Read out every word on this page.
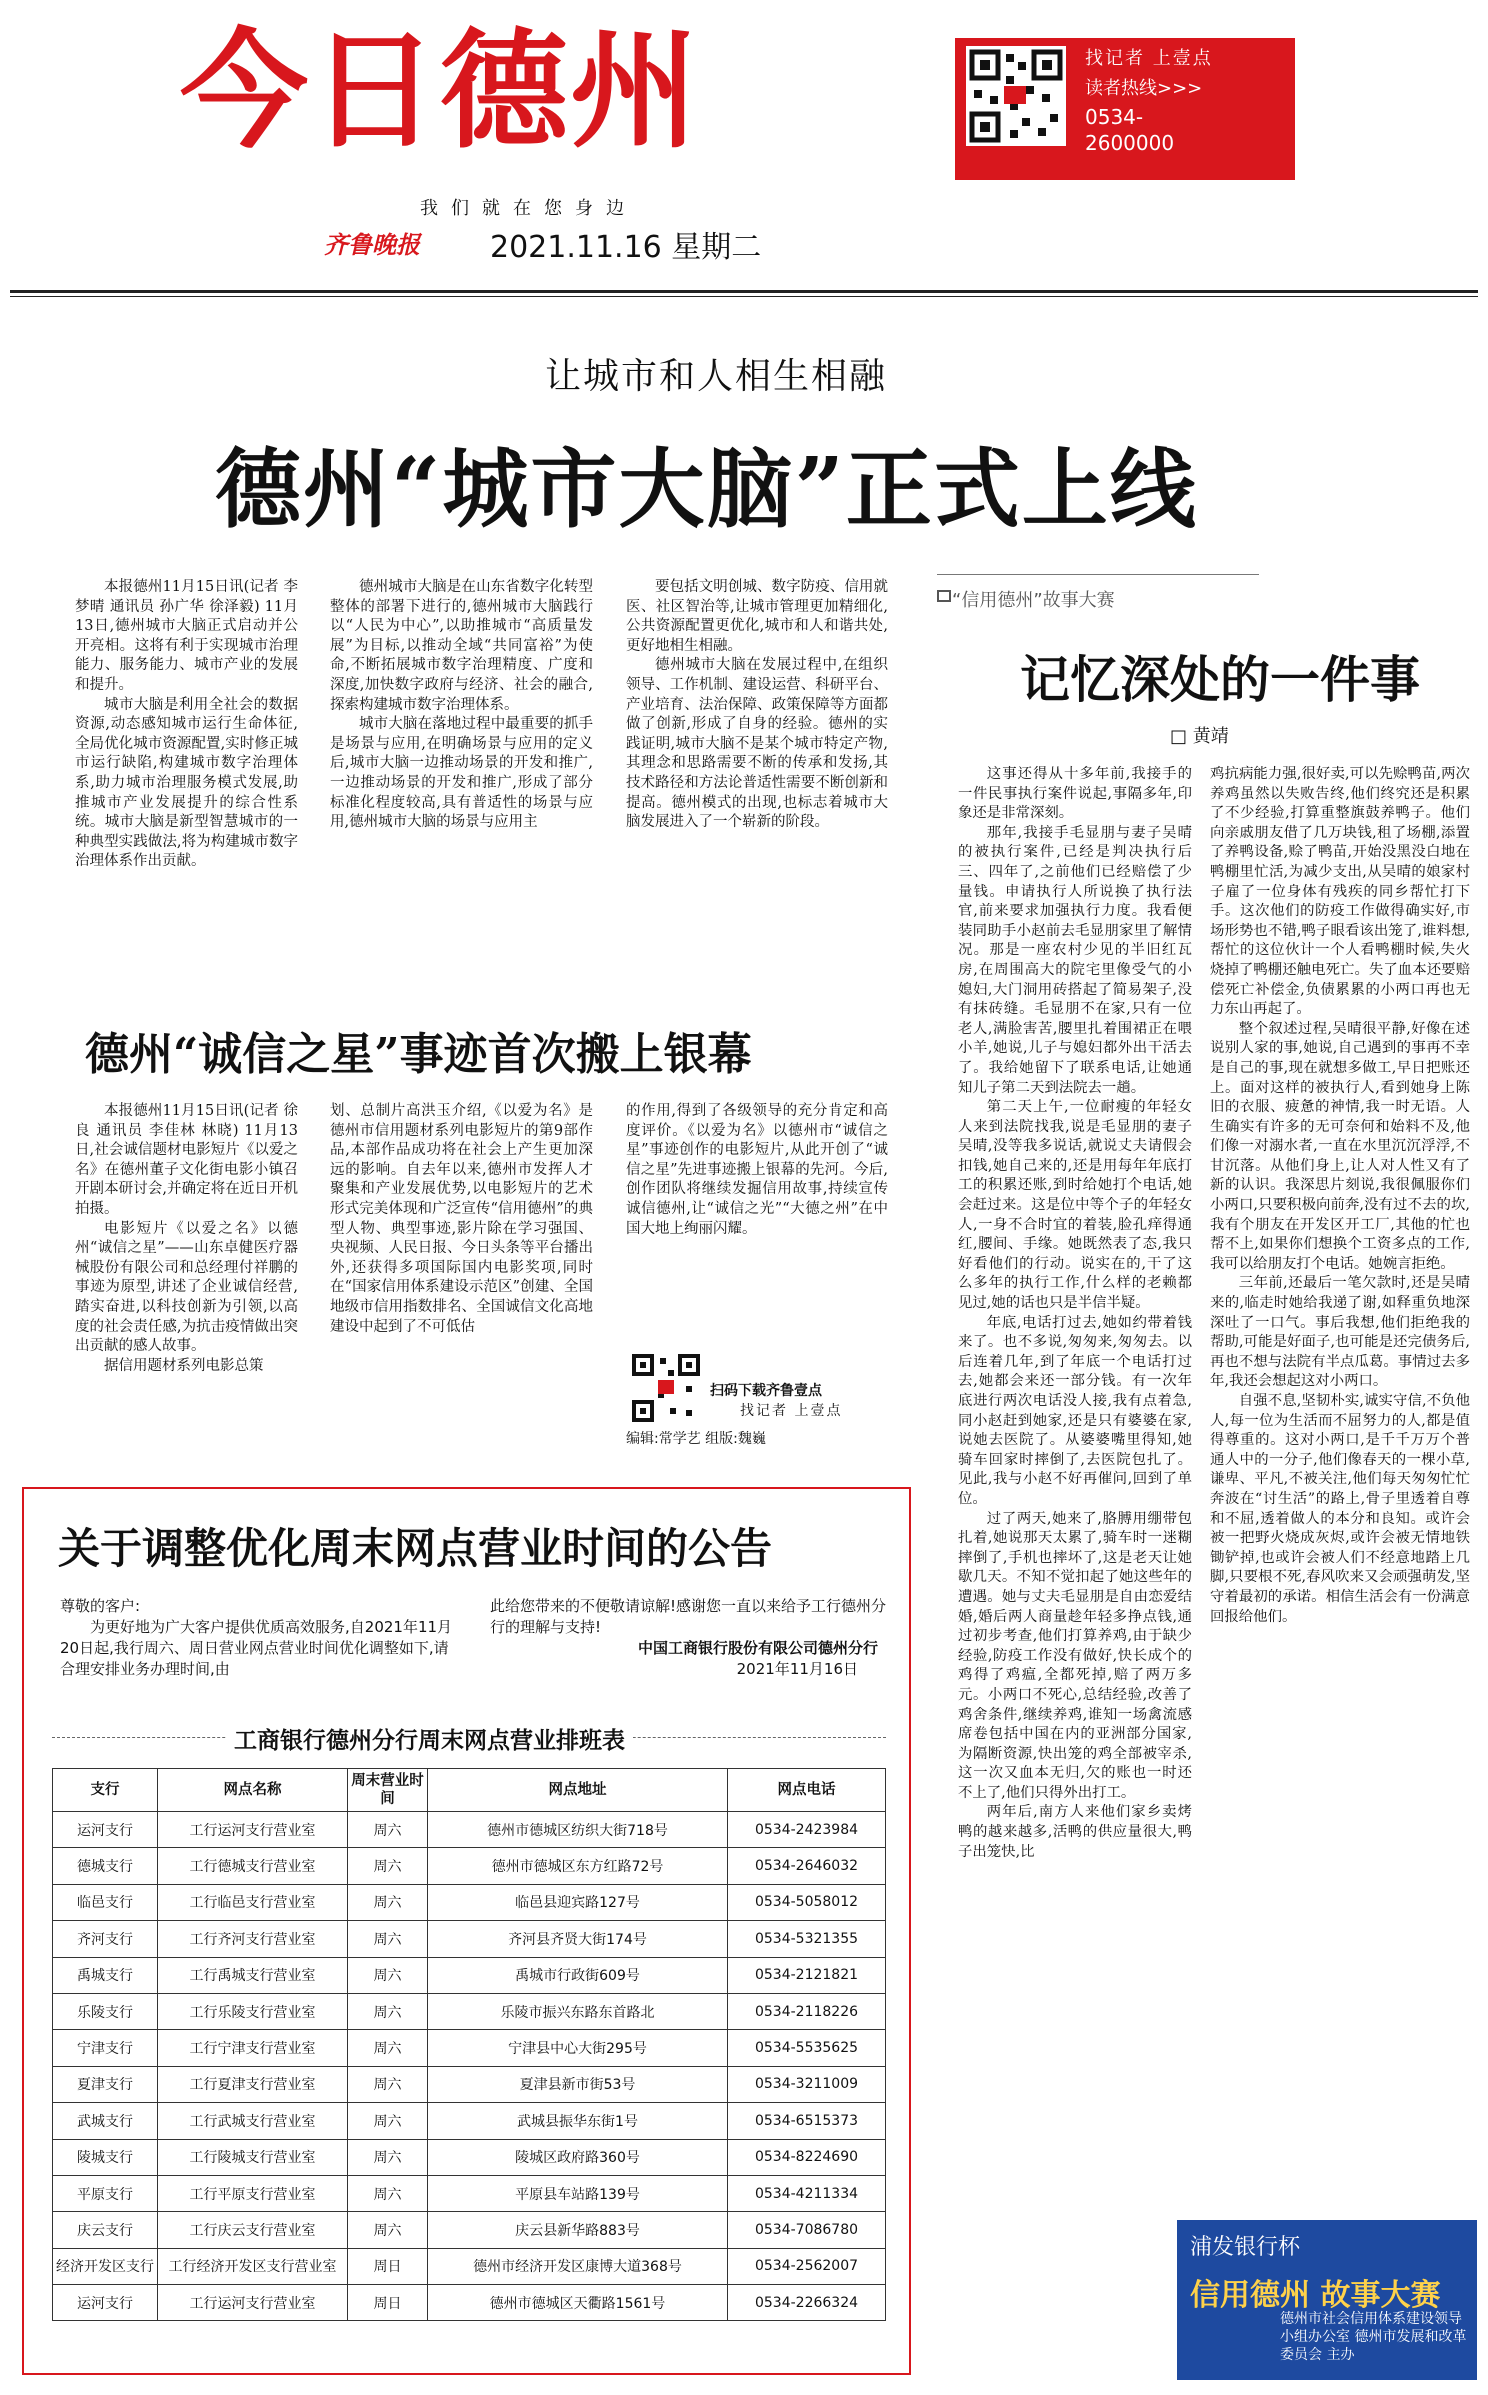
今日德州
我们就在您身边
齐鲁晚报 2021.11.16 星期二
找记者 上壹点
读者热线>>>
0534-
2600000
让城市和人相生相融
德州“城市大脑”正式上线

本报德州11月15日讯(记者 李梦晴 通讯员 孙广华 徐泽毅) 11月13日,德州城市大脑正式启动并公开亮相。这将有利于实现城市治理能力、服务能力、城市产业的发展和提升。

城市大脑是利用全社会的数据资源,动态感知城市运行生命体征,全局优化城市资源配置,实时修正城市运行缺陷,构建城市数字治理体系,助力城市治理服务模式发展,助推城市产业发展提升的综合性系统。城市大脑是新型智慧城市的一种典型实践做法,将为构建城市数字治理体系作出贡献。

德州城市大脑是在山东省数字化转型整体的部署下进行的,德州城市大脑践行以“人民为中心”,以助推城市“高质量发展”为目标,以推动全域“共同富裕”为使命,不断拓展城市数字治理精度、广度和深度,加快数字政府与经济、社会的融合,探索构建城市数字治理体系。

城市大脑在落地过程中最重要的抓手是场景与应用,在明确场景与应用的定义后,城市大脑一边推动场景的开发和推广,一边推动场景的开发和推广,形成了部分标准化程度较高,具有普适性的场景与应用,德州城市大脑的场景与应用主

要包括文明创城、数字防疫、信用就医、社区智治等,让城市管理更加精细化,公共资源配置更优化,城市和人和谐共处,更好地相生相融。

德州城市大脑在发展过程中,在组织领导、工作机制、建设运营、科研平台、产业培育、法治保障、政策保障等方面都做了创新,形成了自身的经验。德州的实践证明,城市大脑不是某个城市特定产物,其理念和思路需要不断的传承和发扬,其技术路径和方法论普适性需要不断创新和提高。德州模式的出现,也标志着城市大脑发展进入了一个崭新的阶段。

德州“诚信之星”事迹首次搬上银幕

本报德州11月15日讯(记者 徐良 通讯员 李佳林 林晓) 11月13日,社会诚信题材电影短片《以爱之名》在德州董子文化街电影小镇召开剧本研讨会,并确定将在近日开机拍摄。

电影短片《以爱之名》以德州“诚信之星”——山东卓健医疗器械股份有限公司和总经理付祥鹏的事迹为原型,讲述了企业诚信经营,踏实奋进,以科技创新为引领,以高度的社会责任感,为抗击疫情做出突出贡献的感人故事。

据信用题材系列电影总策

划、总制片高洪玉介绍,《以爱为名》是德州市信用题材系列电影短片的第9部作品,本部作品成功将在社会上产生更加深远的影响。自去年以来,德州市发挥人才聚集和产业发展优势,以电影短片的艺术形式完美体现和广泛宣传“信用德州”的典型人物、典型事迹,影片除在学习强国、央视频、人民日报、今日头条等平台播出外,还获得多项国际国内电影奖项,同时在“国家信用体系建设示范区”创建、全国地级市信用指数排名、全国诚信文化高地建设中起到了不可低估

的作用,得到了各级领导的充分肯定和高度评价。《以爱为名》以德州市“诚信之星”事迹创作的电影短片,从此开创了“诚信之星”先进事迹搬上银幕的先河。今后,创作团队将继续发掘信用故事,持续宣传诚信德州,让“诚信之光”“大德之州”在中国大地上绚丽闪耀。

扫码下载齐鲁壹点
找记者 上壹点
编辑:常学艺 组版:魏巍
关于调整优化周末网点营业时间的公告
尊敬的客户:
为更好地为广大客户提供优质高效服务,自2021年11月20日起,我行周六、周日营业网点营业时间优化调整如下,请合理安排业务办理时间,由
此给您带来的不便敬请谅解!感谢您一直以来给予工行德州分行的理解与支持!
中国工商银行股份有限公司德州分行
2021年11月16日
工商银行德州分行周末网点营业排班表
支行	网点名称	周末营业时间	网点地址	网点电话
运河支行	工行运河支行营业室	周六	德州市德城区纺织大街718号	0534-2423984
德城支行	工行德城支行营业室	周六	德州市德城区东方红路72号	0534-2646032
临邑支行	工行临邑支行营业室	周六	临邑县迎宾路127号	0534-5058012
齐河支行	工行齐河支行营业室	周六	齐河县齐贤大街174号	0534-5321355
禹城支行	工行禹城支行营业室	周六	禹城市行政街609号	0534-2121821
乐陵支行	工行乐陵支行营业室	周六	乐陵市振兴东路东首路北	0534-2118226
宁津支行	工行宁津支行营业室	周六	宁津县中心大街295号	0534-5535625
夏津支行	工行夏津支行营业室	周六	夏津县新市街53号	0534-3211009
武城支行	工行武城支行营业室	周六	武城县振华东街1号	0534-6515373
陵城支行	工行陵城支行营业室	周六	陵城区政府路360号	0534-8224690
平原支行	工行平原支行营业室	周六	平原县车站路139号	0534-4211334
庆云支行	工行庆云支行营业室	周六	庆云县新华路883号	0534-7086780
经济开发区支行	工行经济开发区支行营业室	周日	德州市经济开发区康博大道368号	0534-2562007
运河支行	工行运河支行营业室	周日	德州市德城区天衢路1561号	0534-2266324
“信用德州”故事大赛
记忆深处的一件事
□ 黄靖

这事还得从十多年前,我接手的一件民事执行案件说起,事隔多年,印象还是非常深刻。

那年,我接手毛显朋与妻子吴晴的被执行案件,已经是判决执行后三、四年了,之前他们已经赔偿了少量钱。申请执行人所说换了执行法官,前来要求加强执行力度。我看便装同助手小赵前去毛显朋家里了解情况。那是一座农村少见的半旧红瓦房,在周围高大的院宅里像受气的小媳妇,大门洞用砖搭起了简易架子,没有抹砖缝。毛显朋不在家,只有一位老人,满脸害苦,腰里扎着围裙正在喂小羊,她说,儿子与媳妇都外出干活去了。我给她留下了联系电话,让她通知儿子第二天到法院去一趟。

第二天上午,一位耐瘦的年轻女人来到法院找我,说是毛显朋的妻子吴晴,没等我多说话,就说丈夫请假会扣钱,她自己来的,还是用每年年底打工的积累还账,到时给她打个电话,她会赶过来。这是位中等个子的年轻女人,一身不合时宜的着装,脸孔痒得通红,腰间、手缘。她既然表了态,我只好看他们的行动。说实在的,干了这么多年的执行工作,什么样的老赖都见过,她的话也只是半信半疑。

年底,电话打过去,她如约带着钱来了。也不多说,匆匆来,匆匆去。以后连着几年,到了年底一个电话打过去,她都会来还一部分钱。有一次年底进行两次电话没人接,我有点着急,同小赵赶到她家,还是只有婆婆在家,说她去医院了。从婆婆嘴里得知,她骑车回家时摔倒了,去医院包扎了。见此,我与小赵不好再催问,回到了单位。

过了两天,她来了,胳膊用绷带包扎着,她说那天太累了,骑车时一迷糊摔倒了,手机也摔坏了,这是老天让她歇几天。不知不觉扣起了她这些年的遭遇。她与丈夫毛显朋是自由恋爱结婚,婚后两人商量趁年轻多挣点钱,通过初步考查,他们打算养鸡,由于缺少经验,防疫工作没有做好,快长成个的鸡得了鸡瘟,全都死掉,赔了两万多元。小两口不死心,总结经验,改善了鸡舍条件,继续养鸡,谁知一场禽流感席卷包括中国在内的亚洲部分国家,为隔断资源,快出笼的鸡全部被宰杀,这一次又血本无归,欠的账也一时还不上了,他们只得外出打工。

两年后,南方人来他们家乡卖烤鸭的越来越多,活鸭的供应量很大,鸭子出笼快,比

鸡抗病能力强,很好卖,可以先赊鸭苗,两次养鸡虽然以失败告终,他们终究还是积累了不少经验,打算重整旗鼓养鸭子。他们向亲戚朋友借了几万块钱,租了场棚,添置了养鸭设备,赊了鸭苗,开始没黑没白地在鸭棚里忙活,为减少支出,从吴晴的娘家村子雇了一位身体有残疾的同乡帮忙打下手。这次他们的防疫工作做得确实好,市场形势也不错,鸭子眼看该出笼了,谁料想,帮忙的这位伙计一个人看鸭棚时候,失火烧掉了鸭棚还触电死亡。失了血本还要赔偿死亡补偿金,负债累累的小两口再也无力东山再起了。

整个叙述过程,吴晴很平静,好像在述说别人家的事,她说,自己遇到的事再不幸是自己的事,现在就想多做工,早日把账还上。面对这样的被执行人,看到她身上陈旧的衣服、疲惫的神情,我一时无语。人生确实有许多的无可奈何和始料不及,他们像一对溺水者,一直在水里沉沉浮浮,不甘沉落。从他们身上,让人对人性又有了新的认识。我深思片刻说,我很佩服你们小两口,只要积极向前奔,没有过不去的坎,我有个朋友在开发区开工厂,其他的忙也帮不上,如果你们想换个工资多点的工作,我可以给朋友打个电话。她婉言拒绝。

三年前,还最后一笔欠款时,还是吴晴来的,临走时她给我递了谢,如释重负地深深吐了一口气。事后我想,他们拒绝我的帮助,可能是好面子,也可能是还完债务后,再也不想与法院有半点瓜葛。事情过去多年,我还会想起这对小两口。

自强不息,坚韧朴实,诚实守信,不负他人,每一位为生活而不屈努力的人,都是值得尊重的。这对小两口,是千千万万个普通人中的一分子,他们像春天的一棵小草,谦卑、平凡,不被关注,他们每天匆匆忙忙奔波在“讨生活”的路上,骨子里透着自尊和不屈,透着做人的本分和良知。或许会被一把野火烧成灰烬,或许会被无情地铁锄铲掉,也或许会被人们不经意地踏上几脚,只要根不死,春风吹来又会顽强萌发,坚守着最初的承诺。相信生活会有一份满意回报给他们。

浦发银行杯
信用德州 故事大赛
德州市社会信用体系建设领导小组办公室 德州市发展和改革委员会 主办
